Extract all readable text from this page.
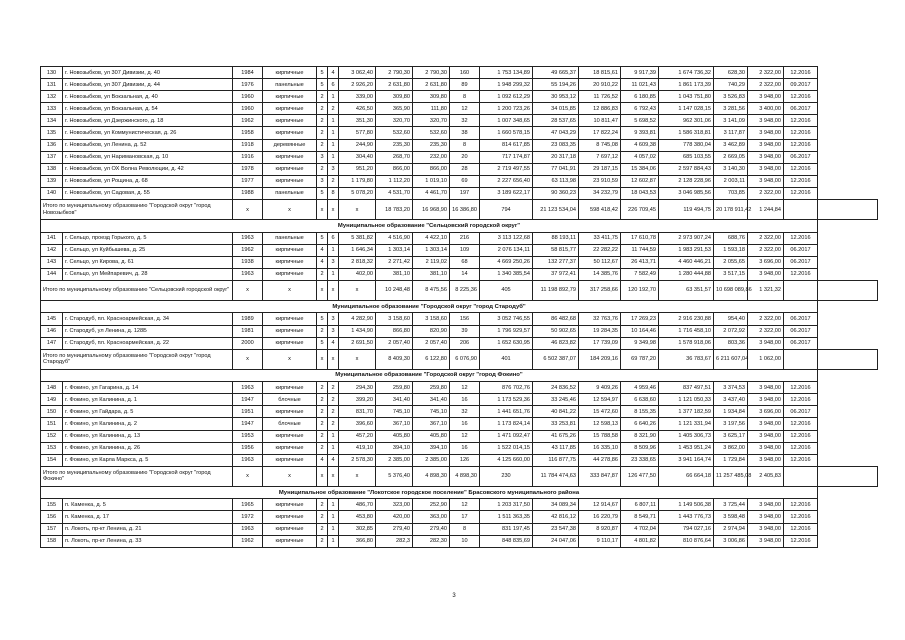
130	г. Новозыбков, ул 307 Дивизии, д. 40	1984	кирпичные	5	4	3 062,40	2 790,30	2 790,30	160	1 753 134,89	49 665,37	18 815,61	9 917,39	1 674 736,32	628,30	2 322,00	12.2016	
131	г. Новозыбков, ул 307 Дивизии, д. 44	1976	панельные	5	6	2 926,20	2 631,80	2 631,80	89	1 948 299,32	55 194,26	20 910,22	11 021,43	1 861 173,39	740,29	2 322,00	09.2017	
132	г. Новозыбков, ул Вокзальная, д. 40	1960	кирпичные	2	1	339,00	309,80	309,80	8	1 092 612,29	30 953,12	11 726,52	6 180,85	1 043 751,80	3 526,83	3 948,00	12.2016	
133	г. Новозыбков, ул Вокзальная, д. 54	1960	кирпичные	2	2	426,50	365,90	111,80	12	1 200 723,26	34 015,85	12 886,83	6 792,43	1 147 028,15	3 281,56	3 400,00	06.2017	
134	г. Новозыбков, ул Дзержинского, д. 18	1962	кирпичные	2	1	351,30	320,70	320,70	32	1 007 348,65	28 537,65	10 811,47	5 698,52	962 301,06	3 141,09	3 948,00	12.2016	
135	г. Новозыбков, ул Коммунистическая, д. 26	1958	кирпичные	2	1	577,80	532,60	532,60	38	1 660 578,15	47 043,29	17 822,24	9 393,81	1 586 318,81	3 117,87	3 948,00	12.2016	
136	г. Новозыбков, ул Ленина, д. 52	1918	деревянные	2	1	244,90	235,30	235,30	8	814 617,85	23 083,35	8 745,08	4 609,38	778 380,04	3 462,89	3 948,00	12.2016	
137	г. Новозыбков, ул Наримановская, д. 10	1916	кирпичные	3	1	304,40	268,70	232,00	20	717 174,87	20 317,18	7 697,12	4 057,02	685 103,55	2 669,05	3 948,00	06.2017	
138	г. Новозыбков, ул ОХ Волна Революции, д. 42	1978	кирпичные	2	3	951,20	866,00	866,00	28	2 719 497,55	77 041,91	29 187,15	15 384,06	2 597 884,43	3 140,30	3 948,00	12.2016	
139	г. Новозыбков, ул Рощина, д. 68	1977	кирпичные	3	2	1 179,80	1 112,20	1 019,10	69	2 227 656,40	63 113,98	23 910,59	12 602,87	2 128 228,96	2 003,11	3 948,00	12.2016	
140	г. Новозыбков, ул Садовая, д. 55	1988	панельные	5	8	5 078,20	4 531,70	4 461,70	197	3 189 622,17	90 360,23	34 232,79	18 043,53	3 046 985,56	703,85	2 322,00	12.2016	
Итого по муниципальному образованию "Городской округ "город Новозыбков"		x	x	x	x	x	18 783,20	16 968,90	16 386,80	794	21 123 534,04	598 418,42	226 709,45	119 494,75	20 178 911,42	1 244,84		
Муниципальное образование "Сельцовский городской округ"																		
141	г. Сельцо, проезд Горького, д. 5	1963	панельные	5	6	5 381,82	4 516,90	4 422,10	216	3 113 122,68	88 193,11	33 411,75	17 610,78	2 973 907,24	688,76	2 322,00	12.2016	
142	г. Сельцо, ул Куйбышева, д. 25	1962	кирпичные	4	1	1 646,34	1 303,14	1 303,14	109	2 076 134,11	58 815,77	22 282,22	11 744,59	1 983 291,53	1 593,18	2 322,00	06.2017	
143	г. Сельцо, ул Кирова, д. 61	1938	кирпичные	4	3	2 818,32	2 271,42	2 119,02	68	4 669 250,26	132 277,37	50 112,67	26 413,71	4 460 446,21	2 055,65	3 696,00	06.2017	
144	г. Сельцо, ул Мейпаревич, д. 28	1963	кирпичные	2	1	402,00	381,10	381,10	14	1 340 385,54	37 972,41	14 385,76	7 582,49	1 280 444,88	3 517,15	3 948,00	12.2016	
Итого по муниципальному образованию "Сельцовский городской округ"		x	x	x	x	x	10 248,48	8 475,56	8 225,36	405	11 198 892,79	317 258,66	120 192,70	63 351,57	10 698 089,86	1 321,32		
Муниципальное образование "Городской округ "город Стародуб"																		
145	г. Стародуб, пл. Красноармейская, д. 34	1989	кирпичные	5	3	4 282,90	3 158,60	3 158,60	156	3 052 746,55	86 482,68	32 763,76	17 269,23	2 916 230,88	954,40	2 322,00	06.2017	
146	г. Стародуб, ул Ленина, д. 128Б	1981	кирпичные	2	3	1 434,90	866,80	820,90	39	1 796 929,57	50 902,65	19 284,35	10 164,46	1 716 458,10	2 072,92	2 322,00	06.2017	
147	г. Стародуб, пл. Красноармейская, д. 22	2000	кирпичные	5	4	2 691,50	2 057,40	2 057,40	206	1 652 630,95	46 823,82	17 739,09	9 349,98	1 578 918,06	803,36	3 948,00	06.2017	
Итого по муниципальному образованию "Городской округ "город Стародуб"		x	x	x	x	x	8 409,30	6 122,80	6 076,90	401	6 502 387,07	184 209,16	69 787,20	36 783,67	6 211 607,04	1 062,00		
Муниципальное образование "Городской округ "город Фокино"																		
148	г. Фокино, ул Гагарина, д. 14	1963	кирпичные	2	2	294,30	259,80	259,80	12	876 702,76	24 836,52	9 409,26	4 959,46	837 497,51	3 374,53	3 948,00	12.2016	
149	г. Фокино, ул Калинина, д. 1	1947	блочные	2	2	399,20	341,40	341,40	16	1 173 529,36	33 245,46	12 594,97	6 638,60	1 121 050,33	3 437,40	3 948,00	12.2016	
150	г. Фокино, ул Гайдара, д. 5	1951	кирпичные	2	2	831,70	745,10	745,10	32	1 441 651,76	40 841,22	15 472,60	8 155,35	1 377 182,59	1 934,84	3 696,00	06.2017	
151	г. Фокино, ул Калинина, д. 2	1947	блочные	2	2	396,60	367,10	367,10	16	1 173 824,14	33 253,81	12 598,13	6 640,26	1 121 331,94	3 197,56	3 948,00	12.2016	
152	г. Фокино, ул Калинина, д. 13	1953	кирпичные	2	1	457,20	405,80	405,80	12	1 471 092,47	41 675,26	15 788,58	8 321,90	1 405 306,73	3 625,17	3 948,00	12.2016	
153	г. Фокино, ул Калинина, д. 26	1956	кирпичные	2	1	419,10	394,10	394,10	16	1 522 014,15	43 117,85	16 335,10	8 509,96	1 453 951,24	3 862,00	3 948,00	12.2016	
154	г. Фокино, ул Карла Маркса, д. 5	1963	кирпичные	4	4	2 578,30	2 385,00	2 385,00	126	4 125 660,00	116 877,75	44 278,86	23 338,65	3 941 164,74	1 729,84	3 948,00	12.2016	
Итого по муниципальному образованию "Городской округ "город Фокино"		x	x	x	x	x	5 376,40	4 898,30	4 898,30	230	11 784 474,63	333 847,87	126 477,50	66 664,18	11 257 485,08	2 405,83		
Муниципальное образование "Локотское городское поселение" Брасовского муниципального района																		
155	п. Каменка, д. 5	1965	кирпичные	2	1	486,70	323,00	252,90	12	1 203 317,50	34 089,34	12 914,67	6 807,11	1 149 506,38	3 725,44	3 948,00	12.2016	
156	п. Каменка, д. 17	1972	кирпичные	2	1	453,80	420,00	363,00	17	1 511 363,35	42 816,12	16 220,79	8 549,71	1 443 776,73	3 598,48	3 948,00	12.2016	
157	п. Локоть, пр-кт Ленина, д. 21	1963	кирпичные	2	1	302,85	279,40	279,40	8	831 197,45	23 547,38	8 920,87	4 702,04	794 027,16	2 974,94	3 948,00	12.2016	
158	п. Локоть, пр-кт Ленина, д. 33	1962	кирпичные	2	1	366,80	282,3	282,30	10	848 835,69	24 047,06	9 110,17	4 801,82	810 876,64	3 006,86	3 948,00	12.2016	
3
